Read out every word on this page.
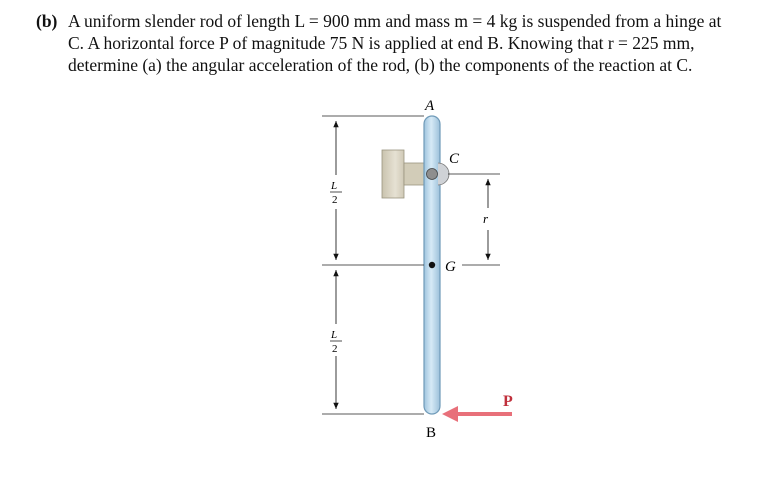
(b) A uniform slender rod of length L = 900 mm and mass m = 4 kg is suspended from a hinge at
C. A horizontal force P of magnitude 75 N is applied at end B. Knowing that r = 225 mm,
determine (a) the angular acceleration of the rod, (b) the components of the reaction at C.
A
C
G
r
P
B
L
2
L
2
